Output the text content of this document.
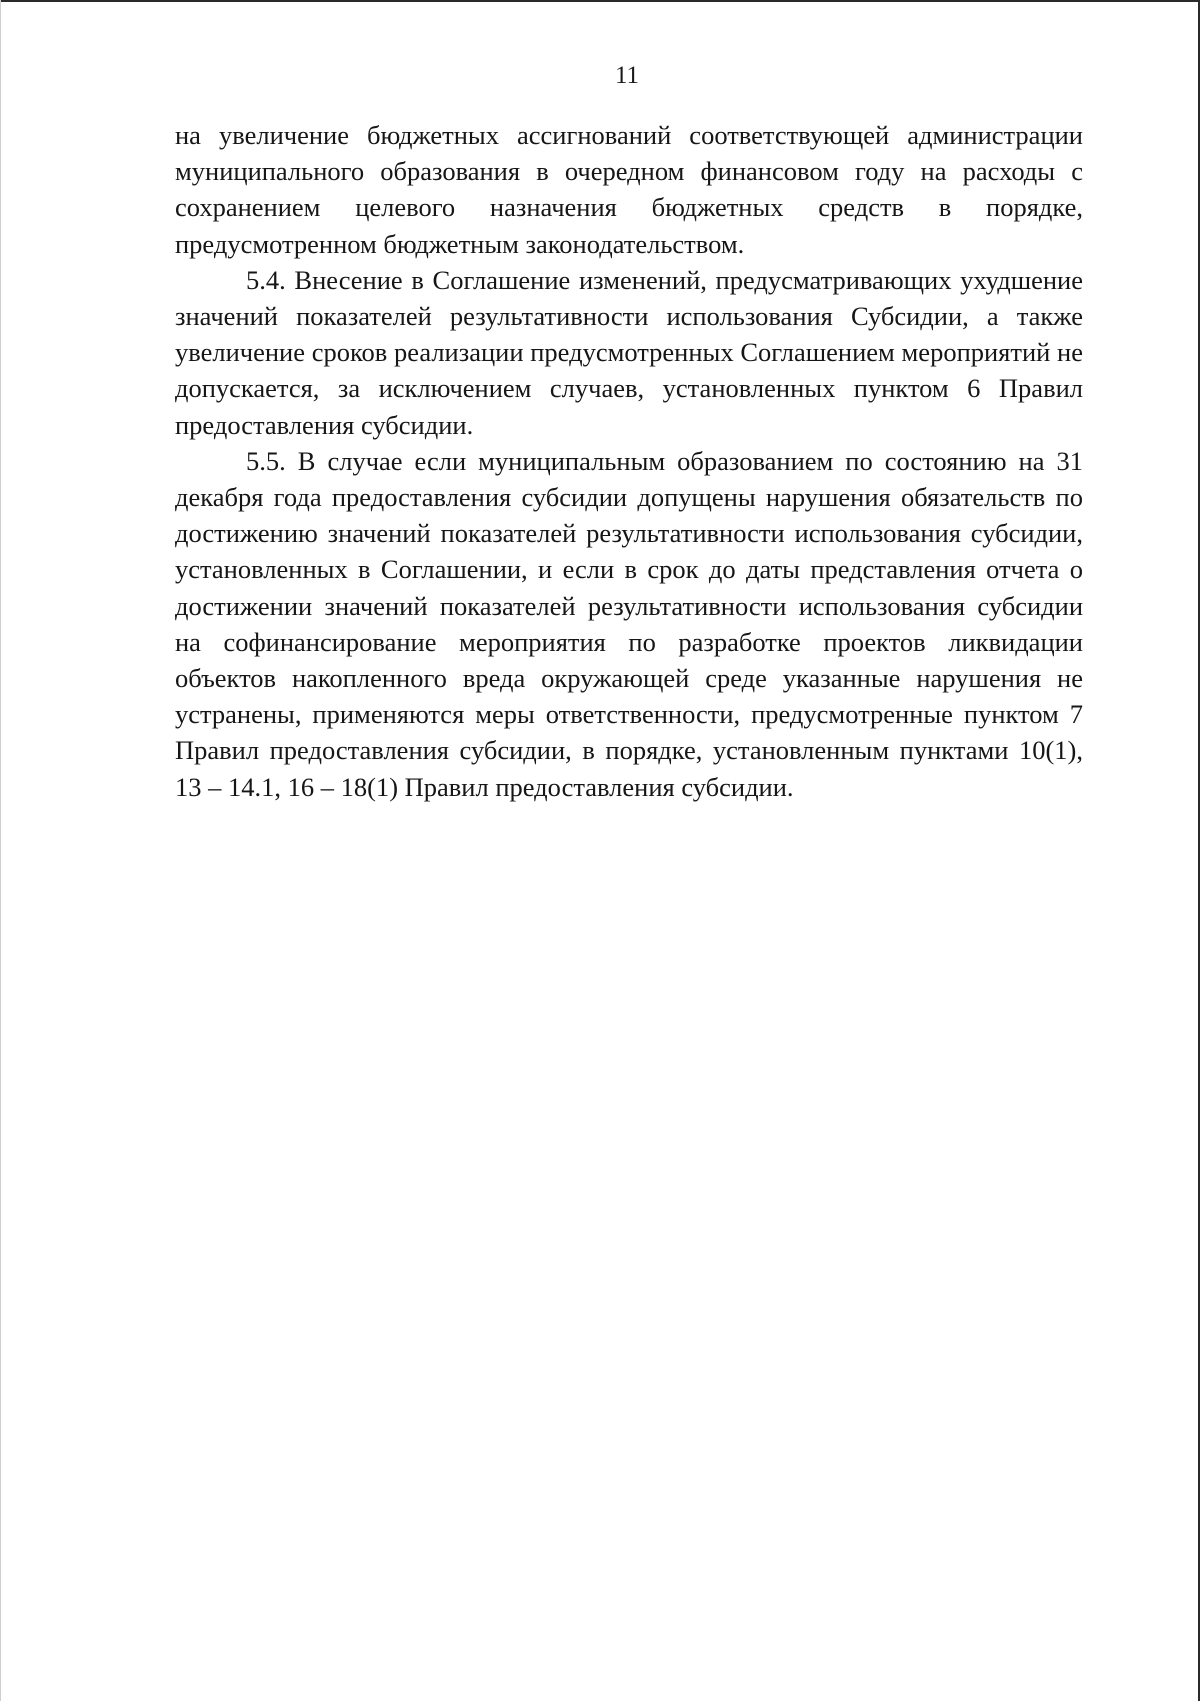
11

на увеличение бюджетных ассигнований соответствующей администрации муниципального образования в очередном финансовом году на расходы с сохранением целевого назначения бюджетных средств в порядке, предусмотренном бюджетным законодательством.

5.4. Внесение в Соглашение изменений, предусматривающих ухудшение значений показателей результативности использования Субсидии, а также увеличение сроков реализации предусмотренных Соглашением мероприятий не допускается, за исключением случаев, установленных пунктом 6 Правил предоставления субсидии.

5.5. В случае если муниципальным образованием по состоянию на 31 декабря года предоставления субсидии допущены нарушения обязательств по достижению значений показателей результативности использования субсидии, установленных в Соглашении, и если в срок до даты представления отчета о достижении значений показателей результативности использования субсидии на софинансирование мероприятия по разработке проектов ликвидации объектов накопленного вреда окружающей среде указанные нарушения не устранены, применяются меры ответственности, предусмотренные пунктом 7 Правил предоставления субсидии, в порядке, установленным пунктами 10(1), 13 – 14.1, 16 – 18(1) Правил предоставления субсидии.
